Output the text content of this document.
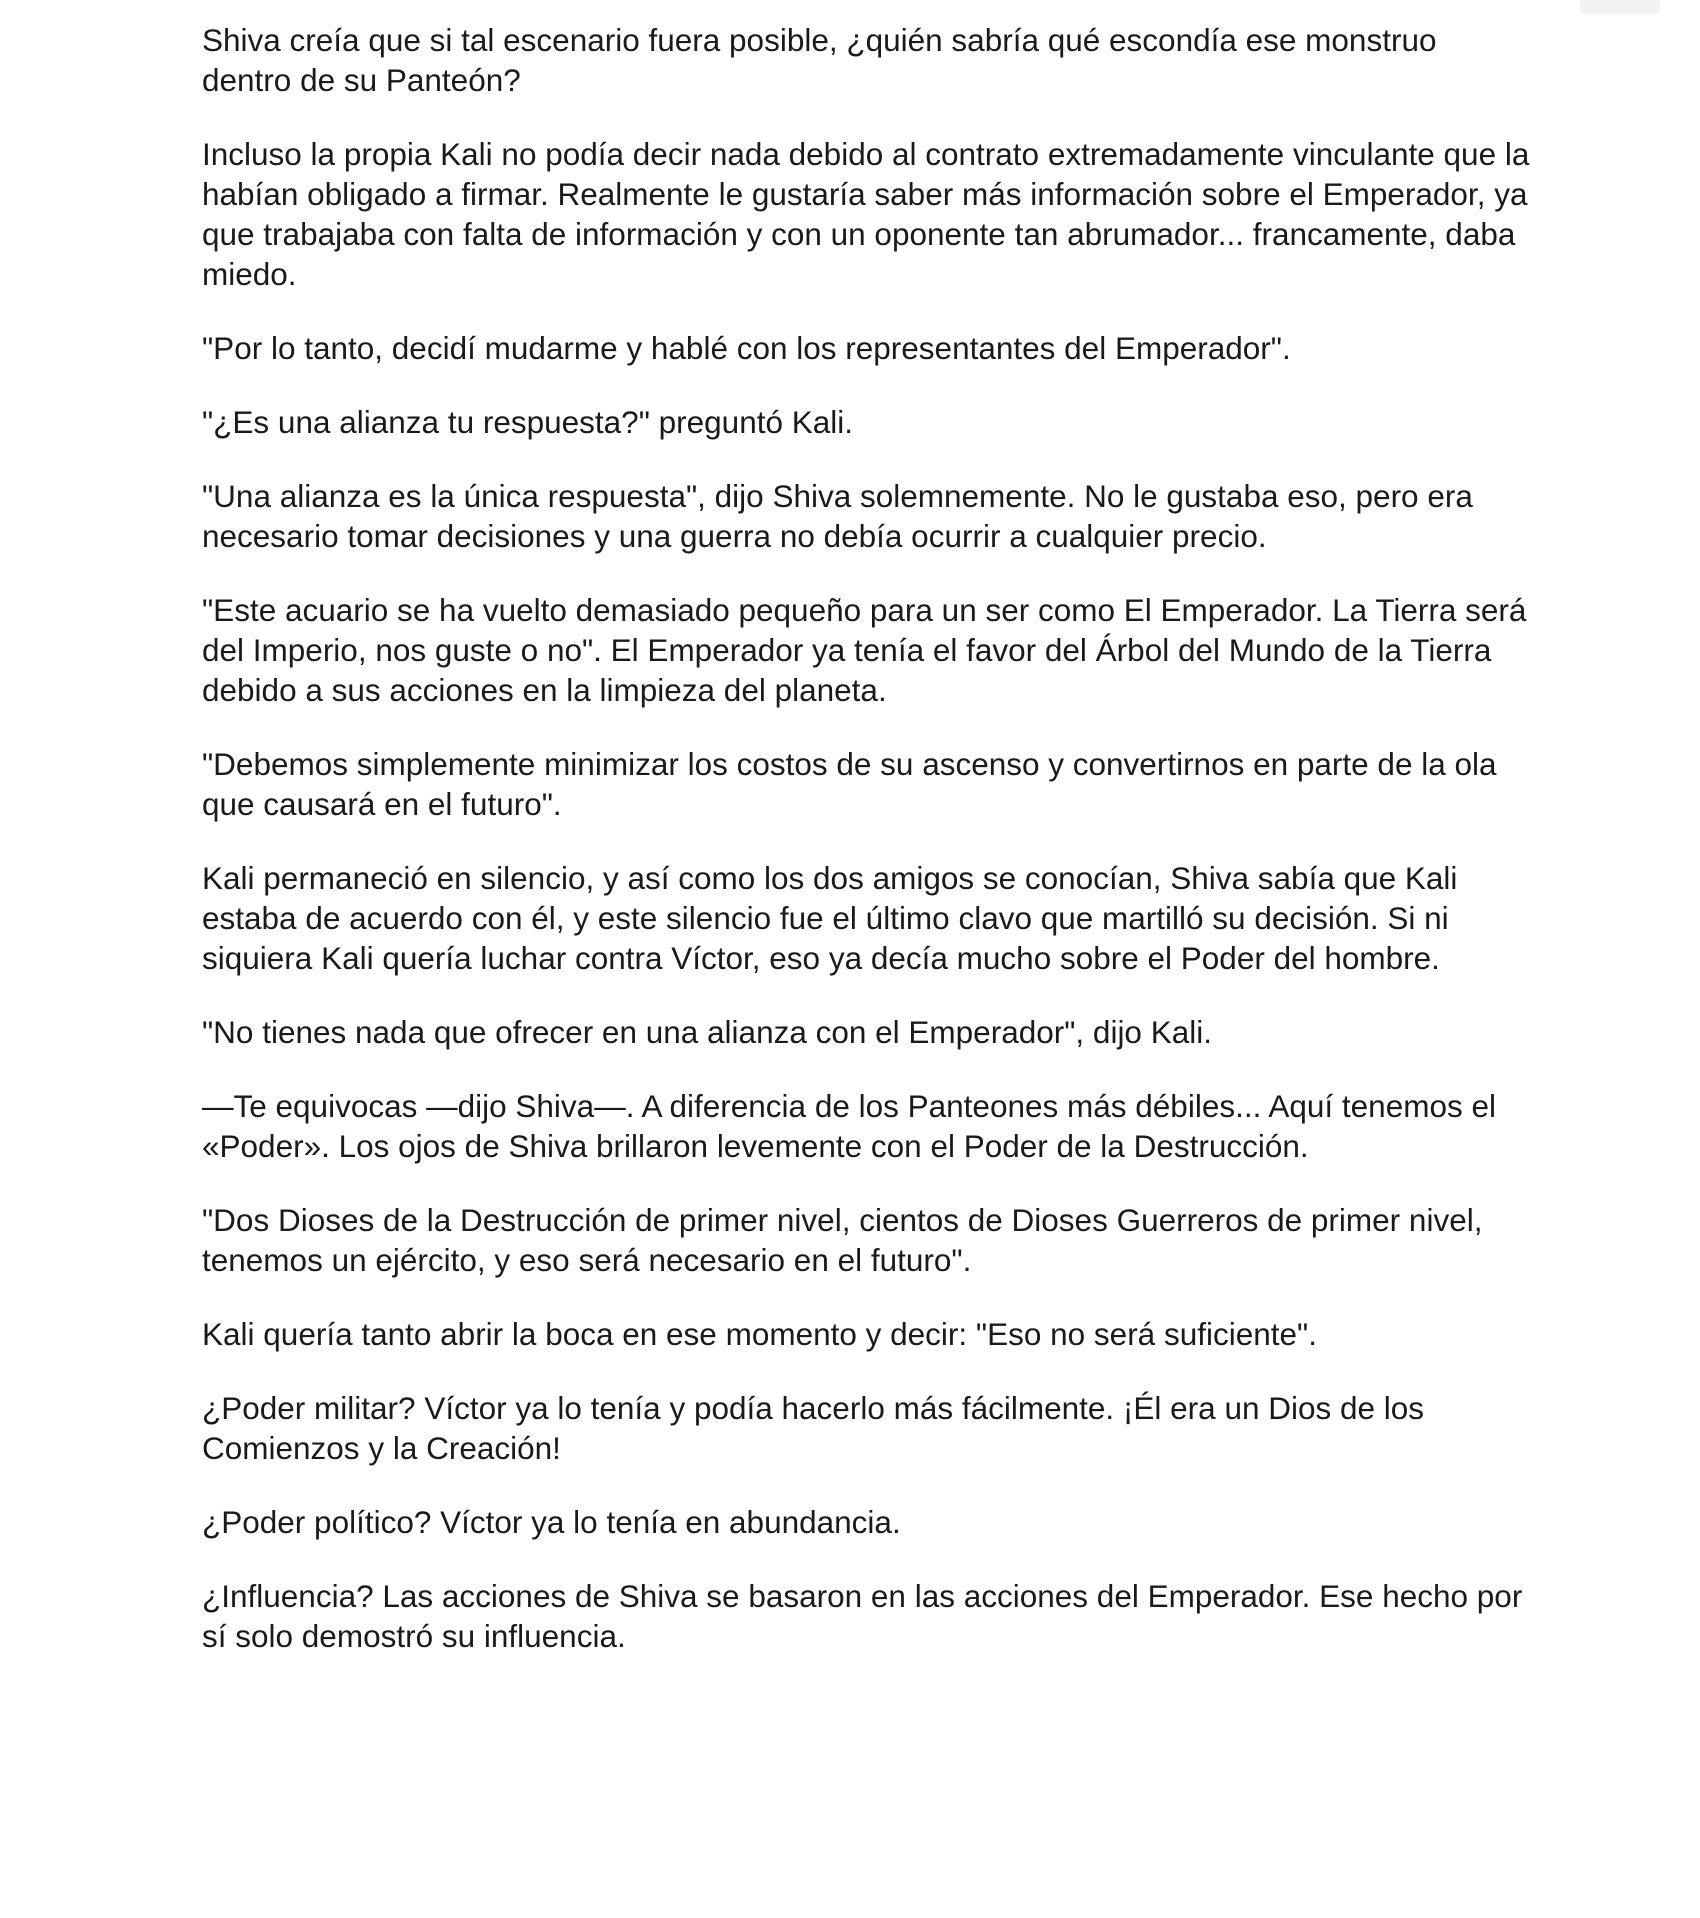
Shiva creía que si tal escenario fuera posible, ¿quién sabría qué escondía ese monstruo dentro de su Panteón?

Incluso la propia Kali no podía decir nada debido al contrato extremadamente vinculante que la habían obligado a firmar. Realmente le gustaría saber más información sobre el Emperador, ya que trabajaba con falta de información y con un oponente tan abrumador... francamente, daba miedo.

"Por lo tanto, decidí mudarme y hablé con los representantes del Emperador".

"¿Es una alianza tu respuesta?" preguntó Kali.

"Una alianza es la única respuesta", dijo Shiva solemnemente. No le gustaba eso, pero era necesario tomar decisiones y una guerra no debía ocurrir a cualquier precio.

"Este acuario se ha vuelto demasiado pequeño para un ser como El Emperador. La Tierra será del Imperio, nos guste o no". El Emperador ya tenía el favor del Árbol del Mundo de la Tierra debido a sus acciones en la limpieza del planeta.

"Debemos simplemente minimizar los costos de su ascenso y convertirnos en parte de la ola que causará en el futuro".

Kali permaneció en silencio, y así como los dos amigos se conocían, Shiva sabía que Kali estaba de acuerdo con él, y este silencio fue el último clavo que martilló su decisión. Si ni siquiera Kali quería luchar contra Víctor, eso ya decía mucho sobre el Poder del hombre.

"No tienes nada que ofrecer en una alianza con el Emperador", dijo Kali.

—Te equivocas —dijo Shiva—. A diferencia de los Panteones más débiles... Aquí tenemos el «Poder». Los ojos de Shiva brillaron levemente con el Poder de la Destrucción.

"Dos Dioses de la Destrucción de primer nivel, cientos de Dioses Guerreros de primer nivel, tenemos un ejército, y eso será necesario en el futuro".

Kali quería tanto abrir la boca en ese momento y decir: "Eso no será suficiente".

¿Poder militar? Víctor ya lo tenía y podía hacerlo más fácilmente. ¡Él era un Dios de los Comienzos y la Creación!

¿Poder político? Víctor ya lo tenía en abundancia.

¿Influencia? Las acciones de Shiva se basaron en las acciones del Emperador. Ese hecho por sí solo demostró su influencia.
